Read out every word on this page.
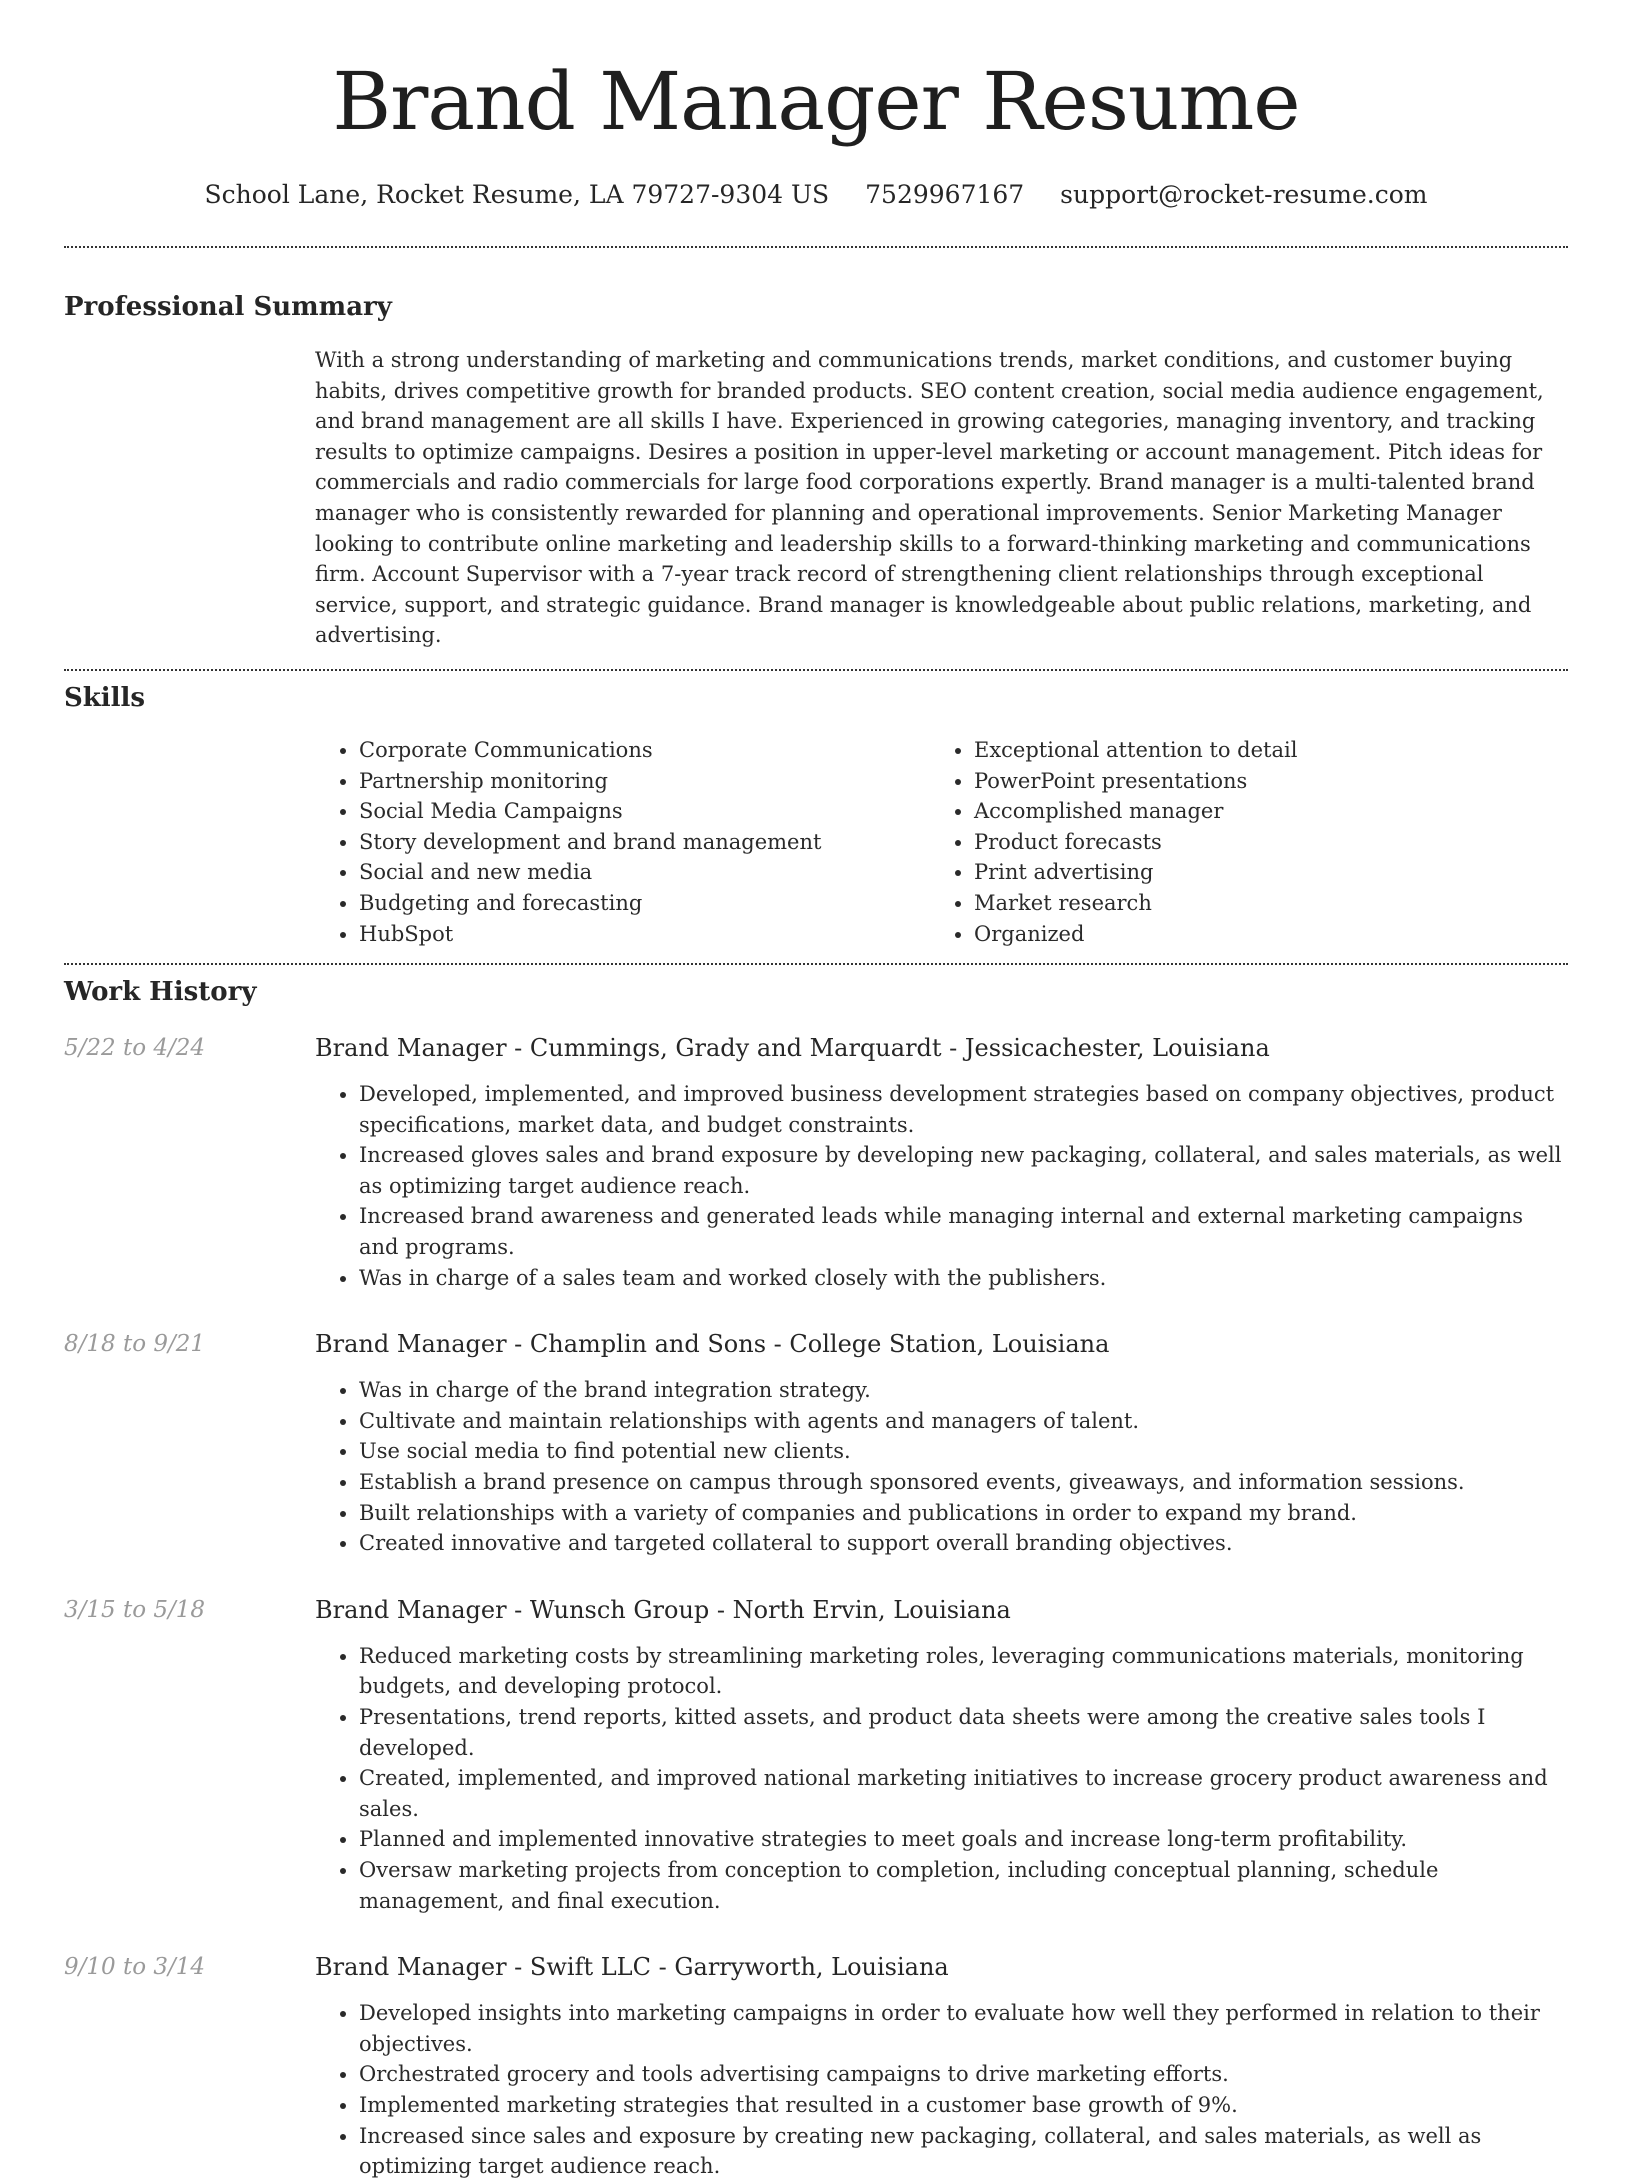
Brand Manager Resume
School Lane, Rocket Resume, LA 79727-9304 US 7529967167 support@rocket-resume.com
Professional Summary
With a strong understanding of marketing and communications trends, market conditions, and customer buying habits, drives competitive growth for branded products. SEO content creation, social media audience engagement, and brand management are all skills I have. Experienced in growing categories, managing inventory, and tracking results to optimize campaigns. Desires a position in upper-level marketing or account management. Pitch ideas for commercials and radio commercials for large food corporations expertly. Brand manager is a multi-talented brand manager who is consistently rewarded for planning and operational improvements. Senior Marketing Manager looking to contribute online marketing and leadership skills to a forward-thinking marketing and communications firm. Account Supervisor with a 7-year track record of strengthening client relationships through exceptional service, support, and strategic guidance. Brand manager is knowledgeable about public relations, marketing, and advertising.
Skills
• Corporate Communications
• Partnership monitoring
• Social Media Campaigns
• Story development and brand management
• Social and new media
• Budgeting and forecasting
• HubSpot
• Exceptional attention to detail
• PowerPoint presentations
• Accomplished manager
• Product forecasts
• Print advertising
• Market research
• Organized
Work History
5/22 to 4/24	Brand Manager - Cummings, Grady and Marquardt - Jessicachester, Louisiana
• Developed, implemented, and improved business development strategies based on company objectives, product specifications, market data, and budget constraints.
• Increased gloves sales and brand exposure by developing new packaging, collateral, and sales materials, as well as optimizing target audience reach.
• Increased brand awareness and generated leads while managing internal and external marketing campaigns and programs.
• Was in charge of a sales team and worked closely with the publishers.
8/18 to 9/21	Brand Manager - Champlin and Sons - College Station, Louisiana
• Was in charge of the brand integration strategy.
• Cultivate and maintain relationships with agents and managers of talent.
• Use social media to find potential new clients.
• Establish a brand presence on campus through sponsored events, giveaways, and information sessions.
• Built relationships with a variety of companies and publications in order to expand my brand.
• Created innovative and targeted collateral to support overall branding objectives.
3/15 to 5/18	Brand Manager - Wunsch Group - North Ervin, Louisiana
• Reduced marketing costs by streamlining marketing roles, leveraging communications materials, monitoring budgets, and developing protocol.
• Presentations, trend reports, kitted assets, and product data sheets were among the creative sales tools I developed.
• Created, implemented, and improved national marketing initiatives to increase grocery product awareness and sales.
• Planned and implemented innovative strategies to meet goals and increase long-term profitability.
• Oversaw marketing projects from conception to completion, including conceptual planning, schedule management, and final execution.
9/10 to 3/14	Brand Manager - Swift LLC - Garryworth, Louisiana
• Developed insights into marketing campaigns in order to evaluate how well they performed in relation to their objectives.
• Orchestrated grocery and tools advertising campaigns to drive marketing efforts.
• Implemented marketing strategies that resulted in a customer base growth of 9%.
• Increased since sales and exposure by creating new packaging, collateral, and sales materials, as well as optimizing target audience reach.
